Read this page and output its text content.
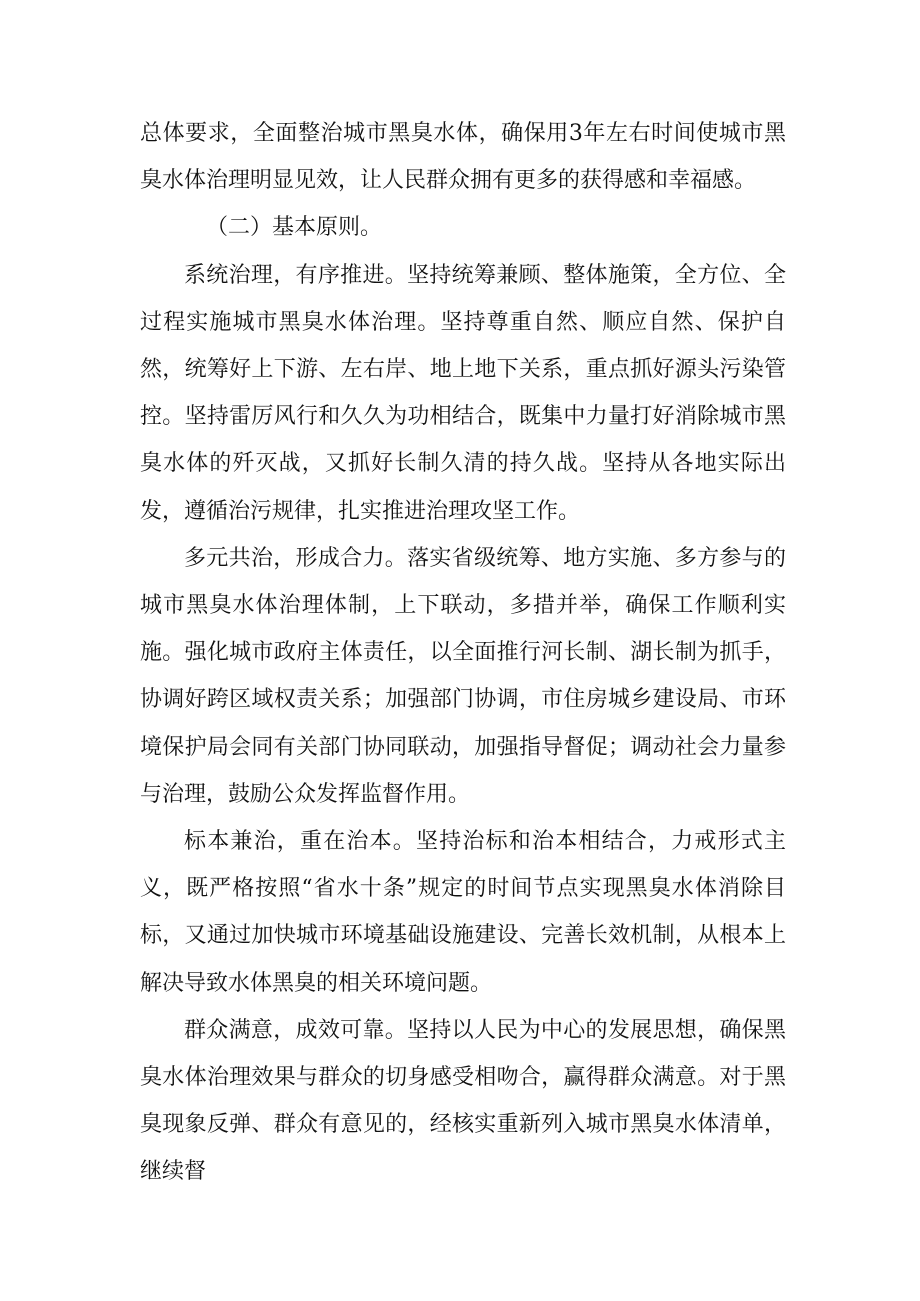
总体要求，全面整治城市黑臭水体，确保用3年左右时间使城市黑臭水体治理明显见效，让人民群众拥有更多的获得感和幸福感。

（二）基本原则。

系统治理，有序推进。坚持统筹兼顾、整体施策，全方位、全过程实施城市黑臭水体治理。坚持尊重自然、顺应自然、保护自然，统筹好上下游、左右岸、地上地下关系，重点抓好源头污染管控。坚持雷厉风行和久久为功相结合，既集中力量打好消除城市黑臭水体的歼灭战，又抓好长制久清的持久战。坚持从各地实际出发，遵循治污规律，扎实推进治理攻坚工作。

多元共治，形成合力。落实省级统筹、地方实施、多方参与的城市黑臭水体治理体制，上下联动，多措并举，确保工作顺利实施。强化城市政府主体责任，以全面推行河长制、湖长制为抓手，协调好跨区域权责关系；加强部门协调，市住房城乡建设局、市环境保护局会同有关部门协同联动，加强指导督促；调动社会力量参与治理，鼓励公众发挥监督作用。

标本兼治，重在治本。坚持治标和治本相结合，力戒形式主义，既严格按照“省水十条”规定的时间节点实现黑臭水体消除目标，又通过加快城市环境基础设施建设、完善长效机制，从根本上解决导致水体黑臭的相关环境问题。

群众满意，成效可靠。坚持以人民为中心的发展思想，确保黑臭水体治理效果与群众的切身感受相吻合，赢得群众满意。对于黑臭现象反弹、群众有意见的，经核实重新列入城市黑臭水体清单，继续督
